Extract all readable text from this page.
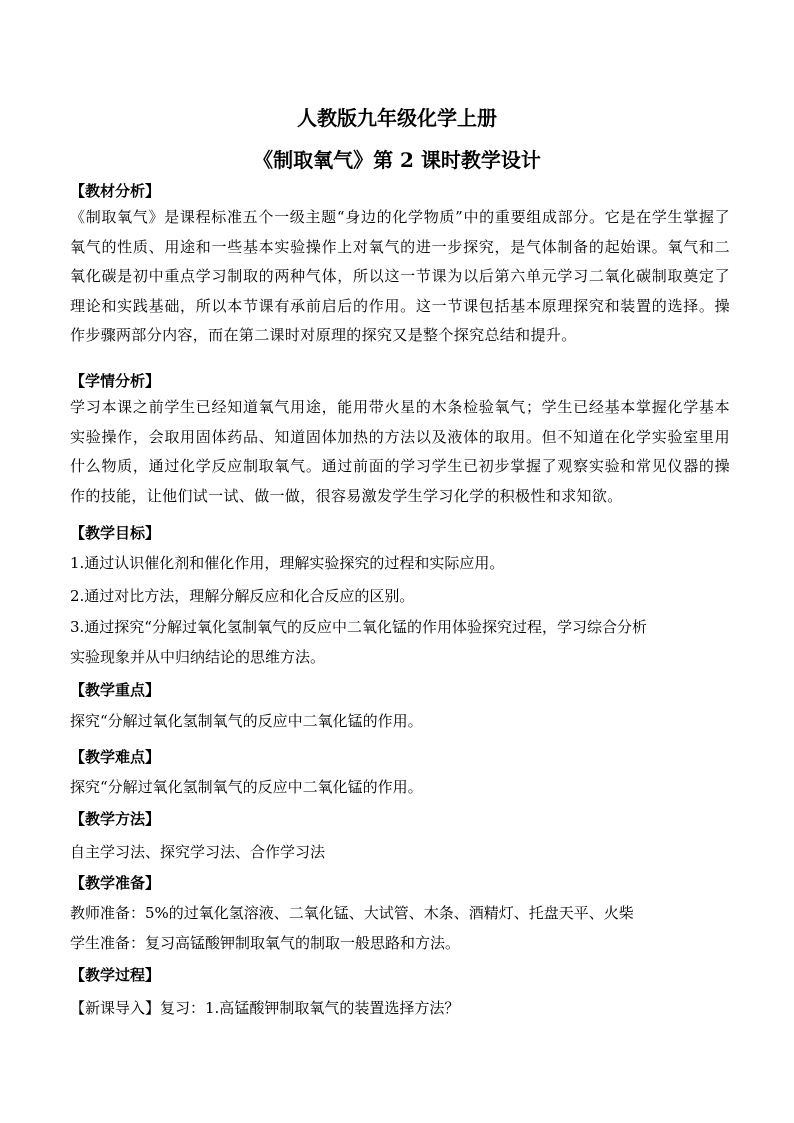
人教版九年级化学上册
《制取氧气》第 2 课时教学设计
【教材分析】
《制取氧气》是课程标准五个一级主题“身边的化学物质”中的重要组成部分。它是在学生掌握了氧气的性质、用途和一些基本实验操作上对氧气的进一步探究，是气体制备的起始课。氧气和二氧化碳是初中重点学习制取的两种气体，所以这一节课为以后第六单元学习二氧化碳制取奠定了理论和实践基础，所以本节课有承前启后的作用。这一节课包括基本原理探究和装置的选择。操作步骤两部分内容，而在第二课时对原理的探究又是整个探究总结和提升。
【学情分析】
学习本课之前学生已经知道氧气用途，能用带火星的木条检验氧气；学生已经基本掌握化学基本实验操作，会取用固体药品、知道固体加热的方法以及液体的取用。但不知道在化学实验室里用什么物质，通过化学反应制取氧气。通过前面的学习学生已初步掌握了观察实验和常见仪器的操作的技能，让他们试一试、做一做，很容易激发学生学习化学的积极性和求知欲。
【教学目标】
1.通过认识催化剂和催化作用，理解实验探究的过程和实际应用。
2.通过对比方法，理解分解反应和化合反应的区别。
3.通过探究“分解过氧化氢制氧气的反应中二氧化锰的作用体验探究过程，学习综合分析
实验现象并从中归纳结论的思维方法。
【教学重点】
探究“分解过氧化氢制氧气的反应中二氧化锰的作用。
【教学难点】
探究“分解过氧化氢制氧气的反应中二氧化锰的作用。
【教学方法】
自主学习法、探究学习法、合作学习法
【教学准备】
教师准备：5%的过氧化氢溶液、二氧化锰、大试管、木条、酒精灯、托盘天平、火柴
学生准备：复习高锰酸钾制取氧气的制取一般思路和方法。
【教学过程】
【新课导入】复习：1.高锰酸钾制取氧气的装置选择方法？
